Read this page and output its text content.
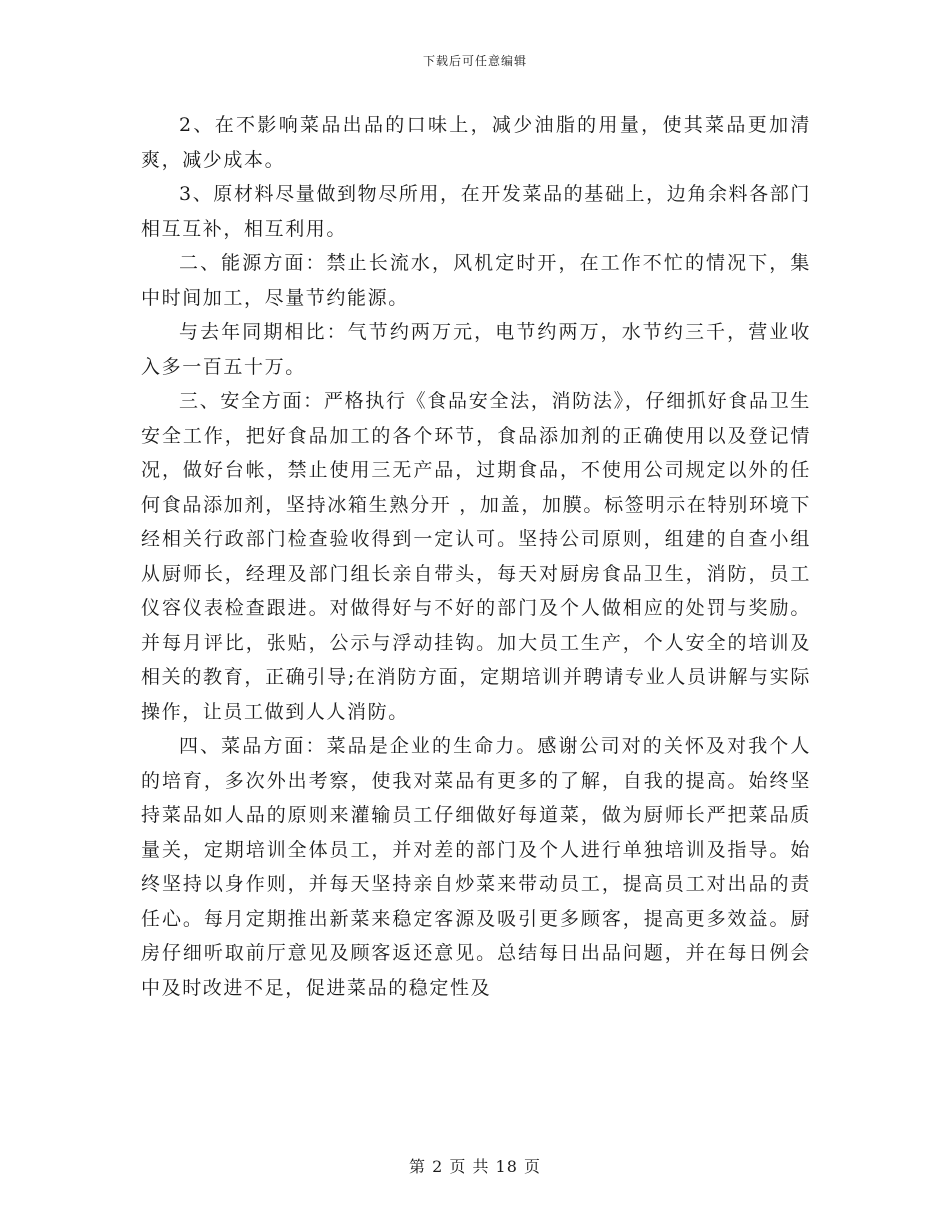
下载后可任意编辑

2、在不影响菜品出品的口味上，减少油脂的用量，使其菜品更加清爽，减少成本。

3、原材料尽量做到物尽所用，在开发菜品的基础上，边角余料各部门相互互补，相互利用。

二、能源方面：禁止长流水，风机定时开，在工作不忙的情况下，集中时间加工，尽量节约能源。

与去年同期相比：气节约两万元，电节约两万，水节约三千，营业收入多一百五十万。

三、安全方面：严格执行《食品安全法，消防法》，仔细抓好食品卫生安全工作，把好食品加工的各个环节，食品添加剂的正确使用以及登记情况，做好台帐，禁止使用三无产品，过期食品，不使用公司规定以外的任何食品添加剂，坚持冰箱生熟分开 ，加盖，加膜。标签明示在特别环境下经相关行政部门检查验收得到一定认可。坚持公司原则，组建的自查小组从厨师长，经理及部门组长亲自带头，每天对厨房食品卫生，消防，员工仪容仪表检查跟进。对做得好与不好的部门及个人做相应的处罚与奖励。并每月评比，张贴，公示与浮动挂钩。加大员工生产，个人安全的培训及相关的教育，正确引导;在消防方面，定期培训并聘请专业人员讲解与实际操作，让员工做到人人消防。

四、菜品方面：菜品是企业的生命力。感谢公司对的关怀及对我个人的培育，多次外出考察，使我对菜品有更多的了解，自我的提高。始终坚持菜品如人品的原则来灌输员工仔细做好每道菜，做为厨师长严把菜品质量关，定期培训全体员工，并对差的部门及个人进行单独培训及指导。始终坚持以身作则，并每天坚持亲自炒菜来带动员工，提高员工对出品的责任心。每月定期推出新菜来稳定客源及吸引更多顾客，提高更多效益。厨房仔细听取前厅意见及顾客返还意见。总结每日出品问题，并在每日例会中及时改进不足，促进菜品的稳定性及

第 2 页 共 18 页
